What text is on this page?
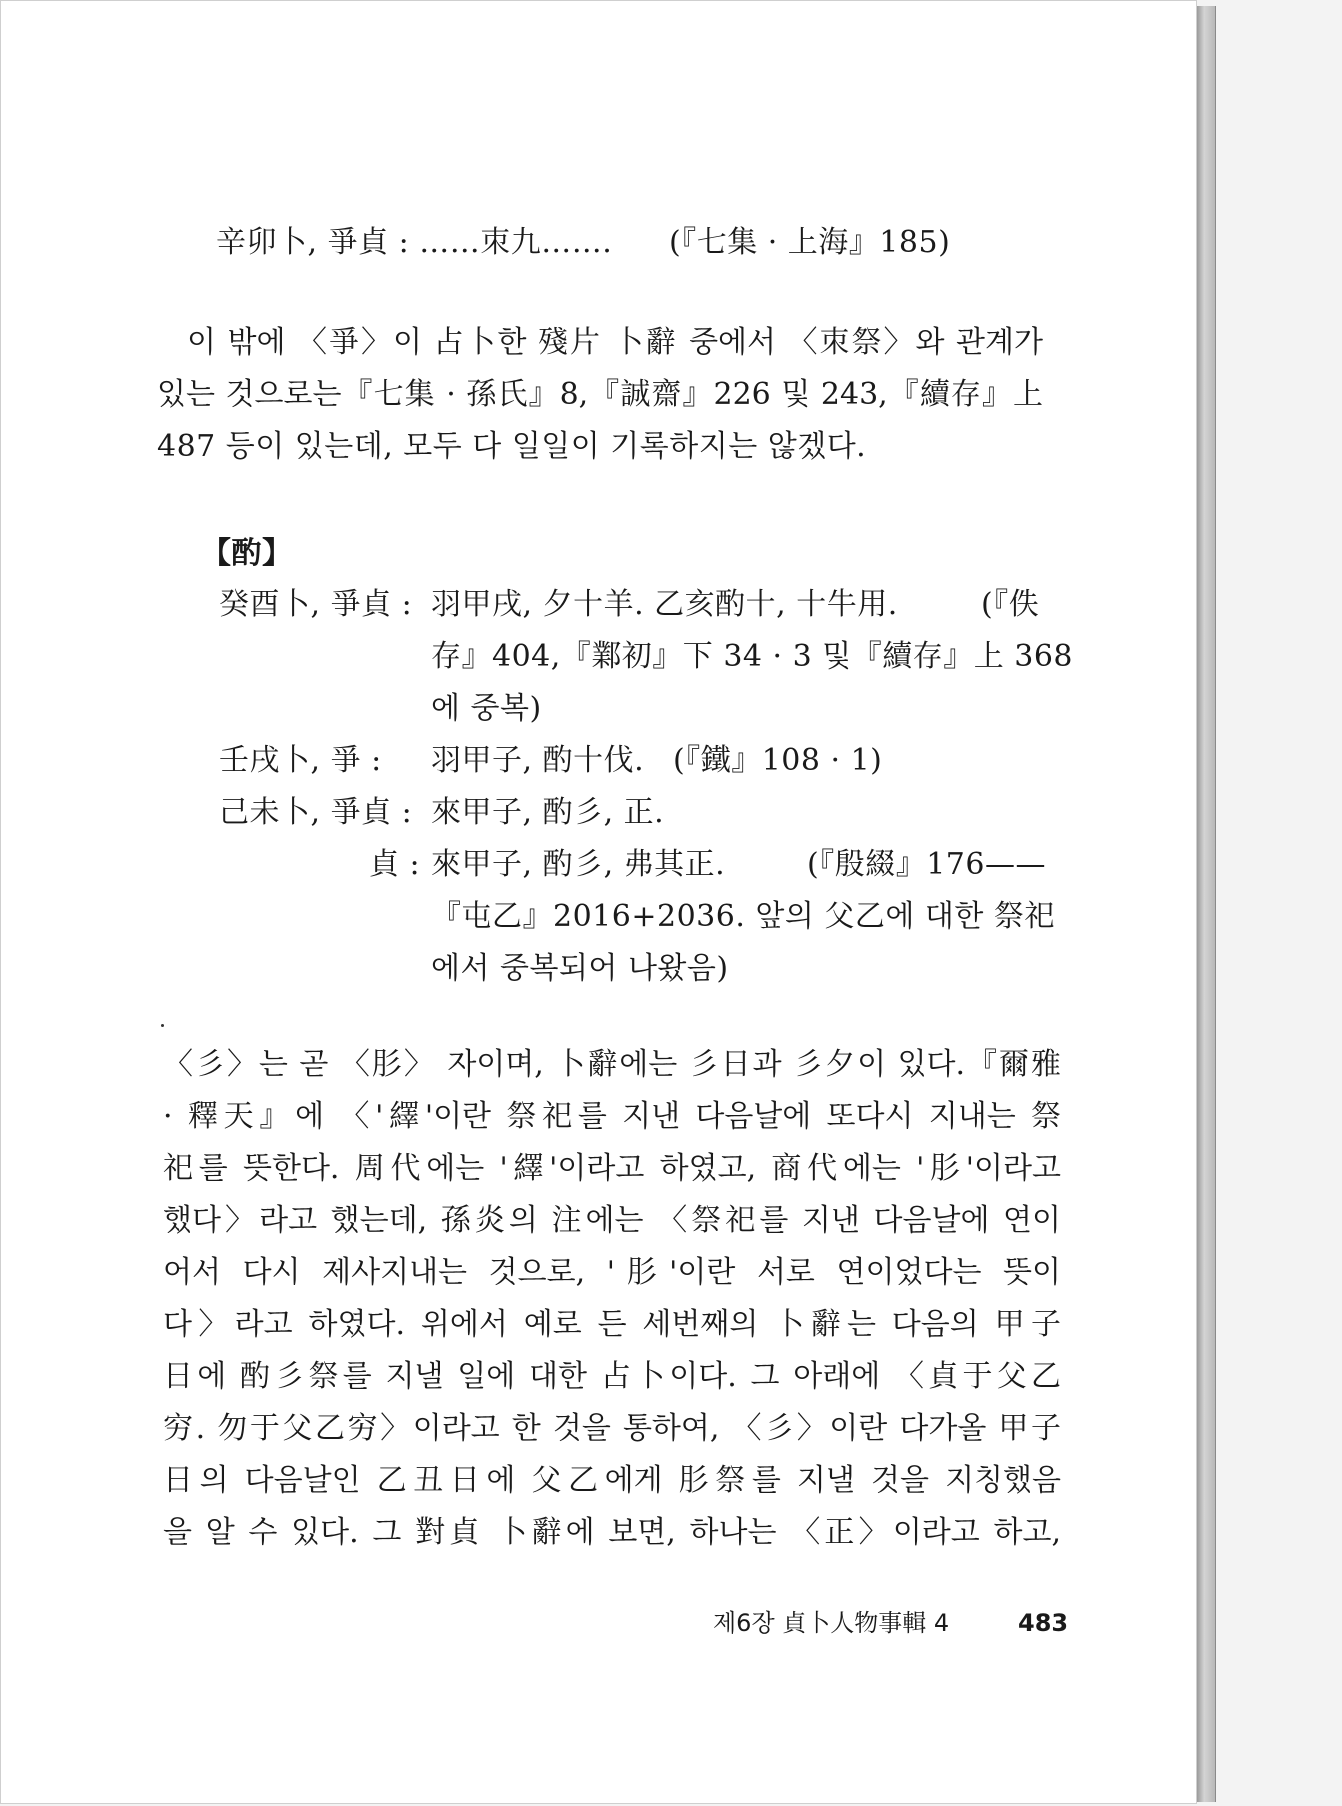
辛卯卜, 爭貞 : ……朿九……. (『七集 · 上海』185)
이 밖에 〈爭〉이 占卜한 殘片 卜辭 중에서 〈朿祭〉와 관계가
있는 것으로는『七集 · 孫氏』8,『誠齋』226 및 243,『續存』上
487 등이 있는데, 모두 다 일일이 기록하지는 않겠다.
【酌】
癸酉卜, 爭貞 : 羽甲戌, 夕十羊. 乙亥酌十, 十牛用.	(『佚
存』404,『鄴初』下 34 · 3 및『續存』上 368
에 중복)
壬戌卜, 爭 : 羽甲子, 酌十伐. (『鐵』108 · 1)
己未卜, 爭貞 : 來甲子, 酌彡, 正.
貞 : 來甲子, 酌彡, 弗其正.	(『殷綴』176——
『屯乙』2016+2036. 앞의 父乙에 대한 祭祀
에서 중복되어 나왔음)
〈彡〉는 곧 〈肜〉 자이며, 卜辭에는 彡日과 彡夕이 있다.『爾雅
· 釋天』에 〈'繹'이란 祭祀를 지낸 다음날에 또다시 지내는 祭
祀를 뜻한다. 周代에는 '繹'이라고 하였고, 商代에는 '肜'이라고
했다〉라고 했는데, 孫炎의 注에는 〈祭祀를 지낸 다음날에 연이
어서 다시 제사지내는 것으로, '肜'이란 서로 연이었다는 뜻이
다〉라고 하였다. 위에서 예로 든 세번째의 卜辭는 다음의 甲子
日에 酌彡祭를 지낼 일에 대한 占卜이다. 그 아래에 〈貞于父乙
穷. 勿于父乙穷〉이라고 한 것을 통하여, 〈彡〉이란 다가올 甲子
日의 다음날인 乙丑日에 父乙에게 肜祭를 지낼 것을 지칭했음
을 알 수 있다. 그 對貞 卜辭에 보면, 하나는 〈正〉이라고 하고,
제6장 貞卜人物事輯 4	483
